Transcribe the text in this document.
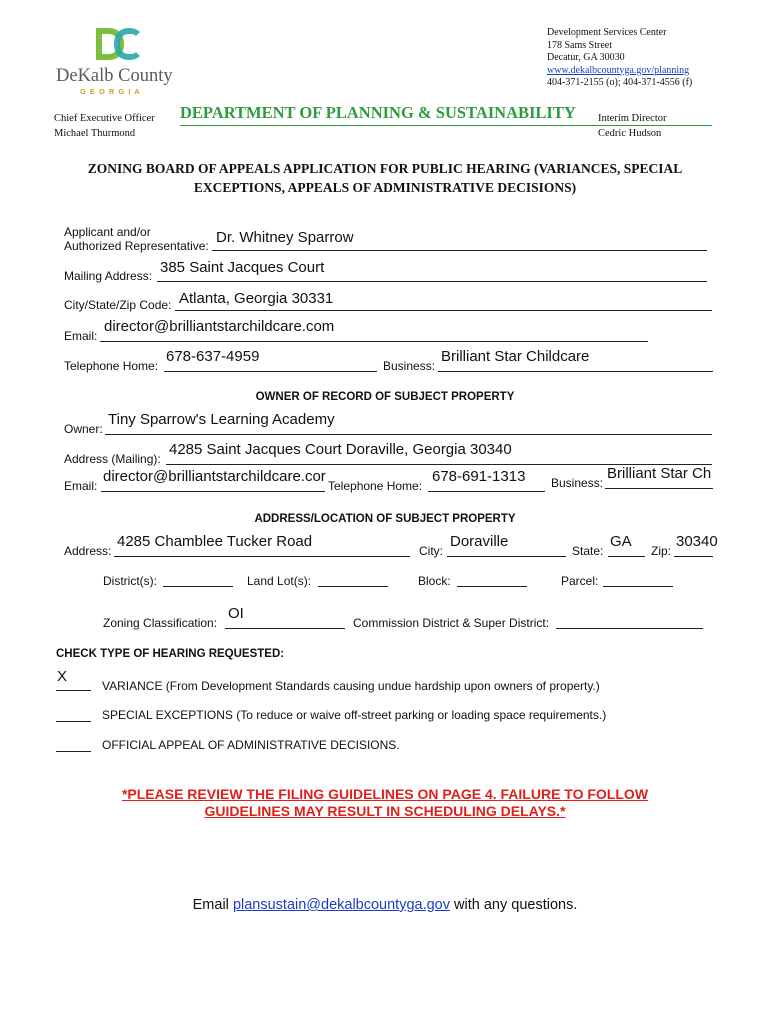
DeKalb County
G E O R G I A
Development Services Center
178 Sams Street
Decatur, GA 30030
www.dekalbcountyga.gov/planning
404-371-2155 (o); 404-371-4556 (f)
Chief Executive Officer
Michael Thurmond
DEPARTMENT OF PLANNING & SUSTAINABILITY Interim Director
Cedric Hudson
ZONING BOARD OF APPEALS APPLICATION FOR PUBLIC HEARING (VARIANCES, SPECIAL
EXCEPTIONS, APPEALS OF ADMINISTRATIVE DECISIONS)
Applicant and/or
Authorized Representative: Dr. Whitney Sparrow
Mailing Address: 385 Saint Jacques Court
City/State/Zip Code: Atlanta, Georgia 30331
Email:
director@brilliantstarchildcare.com
Telephone Home:
678-637-4959
Business:
Brilliant Star Childcare
OWNER OF RECORD OF SUBJECT PROPERTY
Owner:
Tiny Sparrow's Learning Academy
Address (Mailing):
4285 Saint Jacques Court Doraville, Georgia 30340
Email:
director@brilliantstarchildcare.cor
Telephone Home:
678-691-1313	Business:
Brilliant Star Ch
ADDRESS/LOCATION OF SUBJECT PROPERTY
Address:
4285 Chamblee Tucker Road
City:
Doraville
State:
GA
Zip:
30340
District(s):	Land Lot(s):	Block:	Parcel:
Zoning Classification:
OI
Commission District & Super District:
CHECK TYPE OF HEARING REQUESTED:
X
VARIANCE (From Development Standards causing undue hardship upon owners of property.)
SPECIAL EXCEPTIONS (To reduce or waive off-street parking or loading space requirements.)
OFFICIAL APPEAL OF ADMINISTRATIVE DECISIONS.
*PLEASE REVIEW THE FILING GUIDELINES ON PAGE 4. FAILURE TO FOLLOW
GUIDELINES MAY RESULT IN SCHEDULING DELAYS.*
Email plansustain@dekalbcountyga.gov with any questions.
